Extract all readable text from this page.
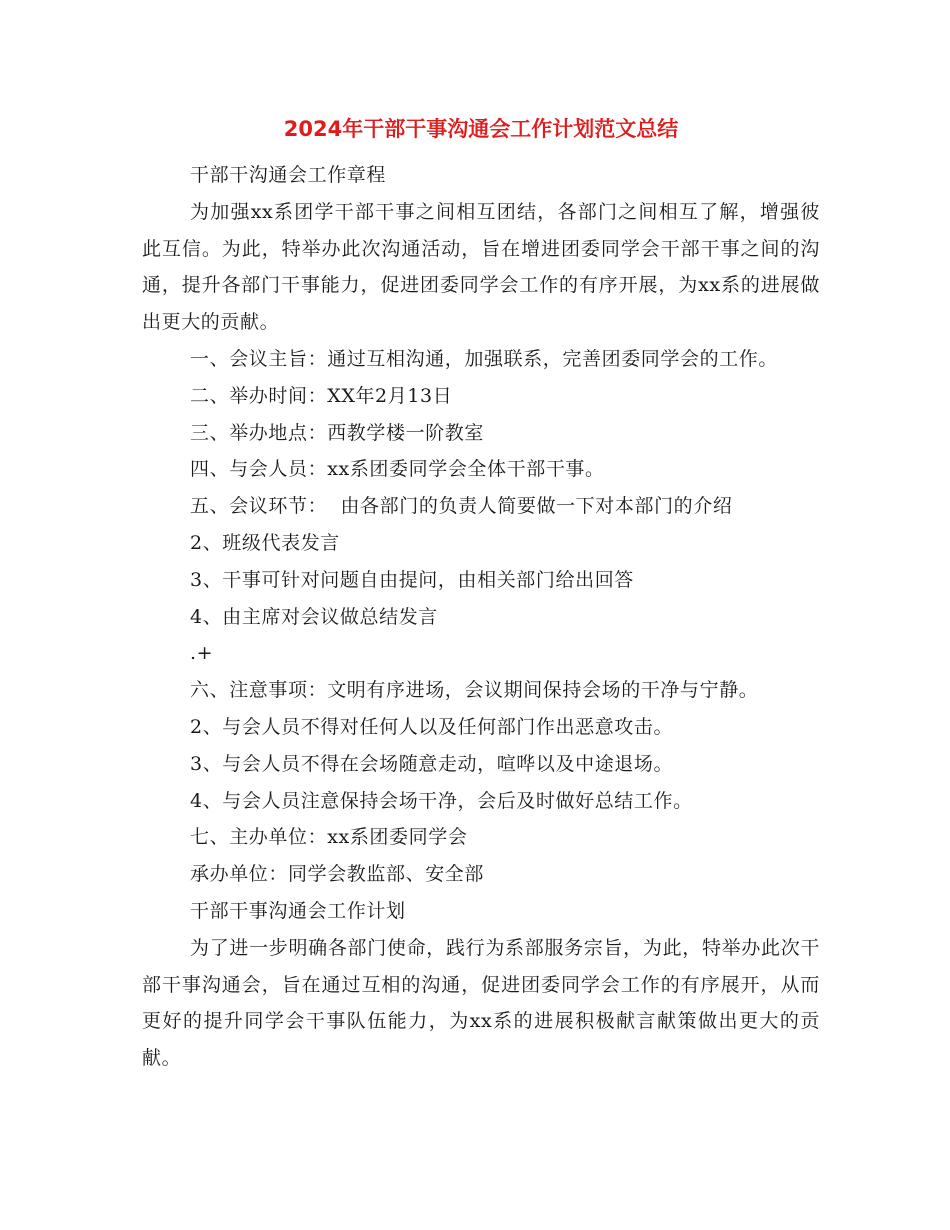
2024年干部干事沟通会工作计划范文总结

干部干沟通会工作章程

为加强xx系团学干部干事之间相互团结，各部门之间相互了解，增强彼此互信。为此，特举办此次沟通活动，旨在增进团委同学会干部干事之间的沟通，提升各部门干事能力，促进团委同学会工作的有序开展，为xx系的进展做出更大的贡献。

一、会议主旨：通过互相沟通，加强联系，完善团委同学会的工作。

二、举办时间：XX年2月13日

三、举办地点：西教学楼一阶教室

四、与会人员：xx系团委同学会全体干部干事。

五、会议环节：  由各部门的负责人简要做一下对本部门的介绍

2、班级代表发言

3、干事可针对问题自由提问，由相关部门给出回答

4、由主席对会议做总结发言

.+

六、注意事项：文明有序进场，会议期间保持会场的干净与宁静。

2、与会人员不得对任何人以及任何部门作出恶意攻击。

3、与会人员不得在会场随意走动，喧哗以及中途退场。

4、与会人员注意保持会场干净，会后及时做好总结工作。

七、主办单位：xx系团委同学会

承办单位：同学会教监部、安全部

干部干事沟通会工作计划

为了进一步明确各部门使命，践行为系部服务宗旨，为此，特举办此次干部干事沟通会，旨在通过互相的沟通，促进团委同学会工作的有序展开，从而更好的提升同学会干事队伍能力，为xx系的进展积极献言献策做出更大的贡献。
